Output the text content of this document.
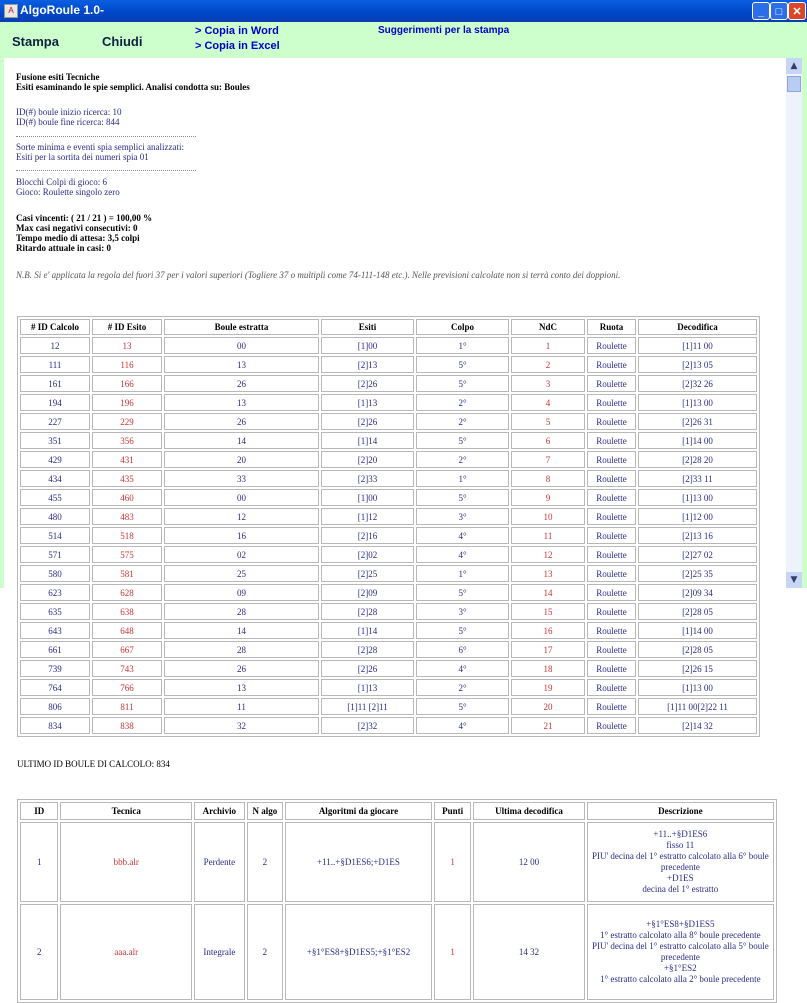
A AlgoRoule 1.0-	_	□ ✕
Stampa	Chiudi
> Copia in Word
> Copia in Excel
Suggerimenti per la stampa
Fusione esiti Tecniche
Esiti esaminando le spie semplici. Analisi condotta su: Boules
ID(#) boule inizio ricerca: 10
ID(#) boule fine ricerca: 844
Sorte minima e eventi spia semplici analizzati:
Esiti per la sortita dei numeri spia 01
Blocchi Colpi di gioco: 6
Gioco: Roulette singolo zero
Casi vincenti: ( 21 / 21 ) = 100,00 %
Max casi negativi consecutivi: 0
Tempo medio di attesa: 3,5 colpi
Ritardo attuale in casi: 0
N.B. Si e' applicata la regola del fuori 37 per i valori superiori (Togliere 37 o multipli come 74-111-148 etc.). Nelle previsioni calcolate non si terrà conto dei doppioni.
▲
▼
# ID Calcolo	# ID Esito	Boule estratta	Esiti	Colpo	NdC	Ruota	Decodifica
12	13	00	[1]00	1°	1	Roulette	[1]11 00
111	116	13	[2]13	5°	2	Roulette	[2]13 05
161	166	26	[2]26	5°	3	Roulette	[2]32 26
194	196	13	[1]13	2°	4	Roulette	[1]13 00
227	229	26	[2]26	2°	5	Roulette	[2]26 31
351	356	14	[1]14	5°	6	Roulette	[1]14 00
429	431	20	[2]20	2°	7	Roulette	[2]28 20
434	435	33	[2]33	1°	8	Roulette	[2]33 11
455	460	00	[1]00	5°	9	Roulette	[1]13 00
480	483	12	[1]12	3°	10	Roulette	[1]12 00
514	518	16	[2]16	4°	11	Roulette	[2]13 16
571	575	02	[2]02	4°	12	Roulette	[2]27 02
580	581	25	[2]25	1°	13	Roulette	[2]25 35
623	628	09	[2]09	5°	14	Roulette	[2]09 34
635	638	28	[2]28	3°	15	Roulette	[2]28 05
643	648	14	[1]14	5°	16	Roulette	[1]14 00
661	667	28	[2]28	6°	17	Roulette	[2]28 05
739	743	26	[2]26	4°	18	Roulette	[2]26 15
764	766	13	[1]13	2°	19	Roulette	[1]13 00
806	811	11	[1]11 [2]11	5°	20	Roulette	[1]11 00[2]22 11
834	838	32	[2]32	4°	21	Roulette	[2]14 32
ULTIMO ID BOULE DI CALCOLO: 834
ID	Tecnica	Archivio	N algo	Algoritmi da giocare	Punti	Ultima decodifica	Descrizione
1	bbb.alr	Perdente	2	+11..+§D1ES6;+D1ES	1	12 00	+11..+§D1ES6
fisso 11
PIU' decina del 1° estratto calcolato alla 6° boule precedente
+D1ES
decina del 1° estratto

2	aaa.alr	Integrale	2	+§1°ES8+§D1ES5;+§1°ES2	1	14 32	+§1°ES8+§D1ES5
1° estratto calcolato alla 8° boule precedente
PIU' decina del 1° estratto calcolato alla 5° boule precedente
+§1°ES2
1° estratto calcolato alla 2° boule precedente
